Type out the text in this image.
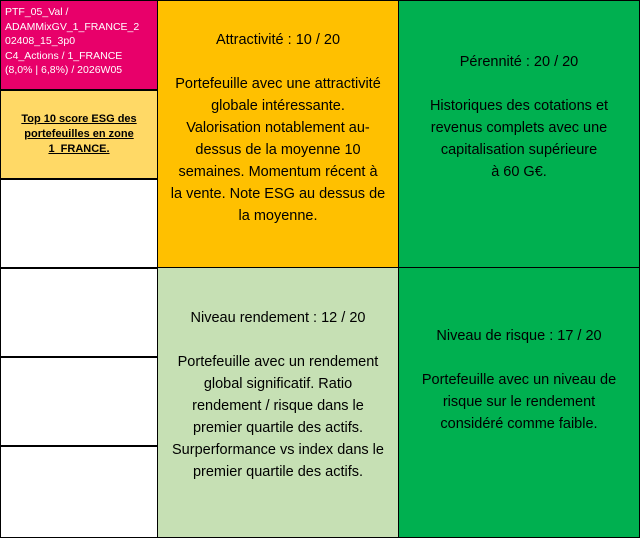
PTF_05_Val /
ADAMMixGV_1_FRANCE_2
02408_15_3p0
C4_Actions / 1_FRANCE
(8,0% | 6,8%) / 2026W05
Top 10 score ESG des portefeuilles en zone 1_FRANCE.
Attractivité : 10 / 20
Portefeuille avec une attractivité
globale intéressante.
Valorisation notablement au-
dessus de la moyenne 10
semaines. Momentum récent à
la vente. Note ESG au dessus de
la moyenne.
Pérennité : 20 / 20
Historiques des cotations et
revenus complets avec une
capitalisation supérieure
à 60 G€.
Niveau rendement : 12 / 20
Portefeuille avec un rendement
global significatif. Ratio
rendement / risque dans le
premier quartile des actifs.
Surperformance vs index dans le
premier quartile des actifs.
Niveau de risque : 17 / 20
Portefeuille avec un niveau de
risque sur le rendement
considéré comme faible.
